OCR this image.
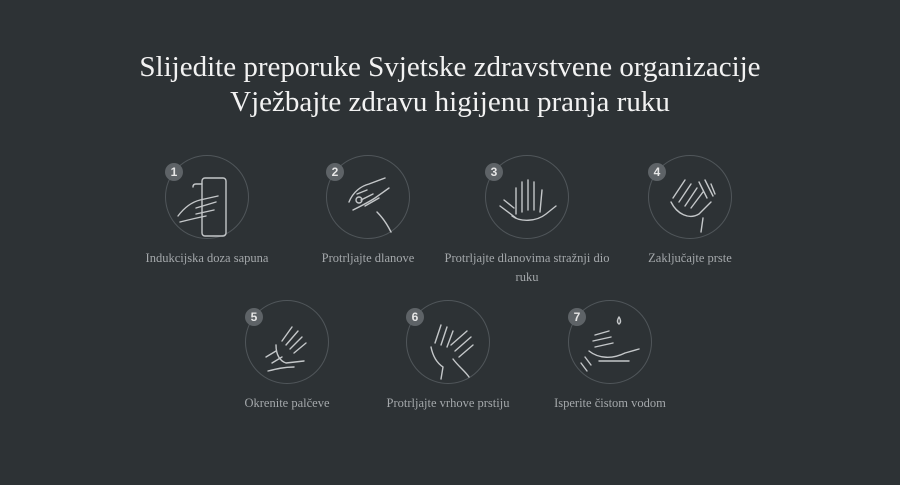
Slijedite preporuke Svjetske zdravstvene organizacije
Vježbajte zdravu higijenu pranja ruku
1
Indukcijska doza sapuna
2
Protrljajte dlanove
3
Protrljajte dlanovima stražnji dio ruku
4
Zaključajte prste
5
Okrenite palčeve
6
Protrljajte vrhove prstiju
7
Isperite čistom vodom
